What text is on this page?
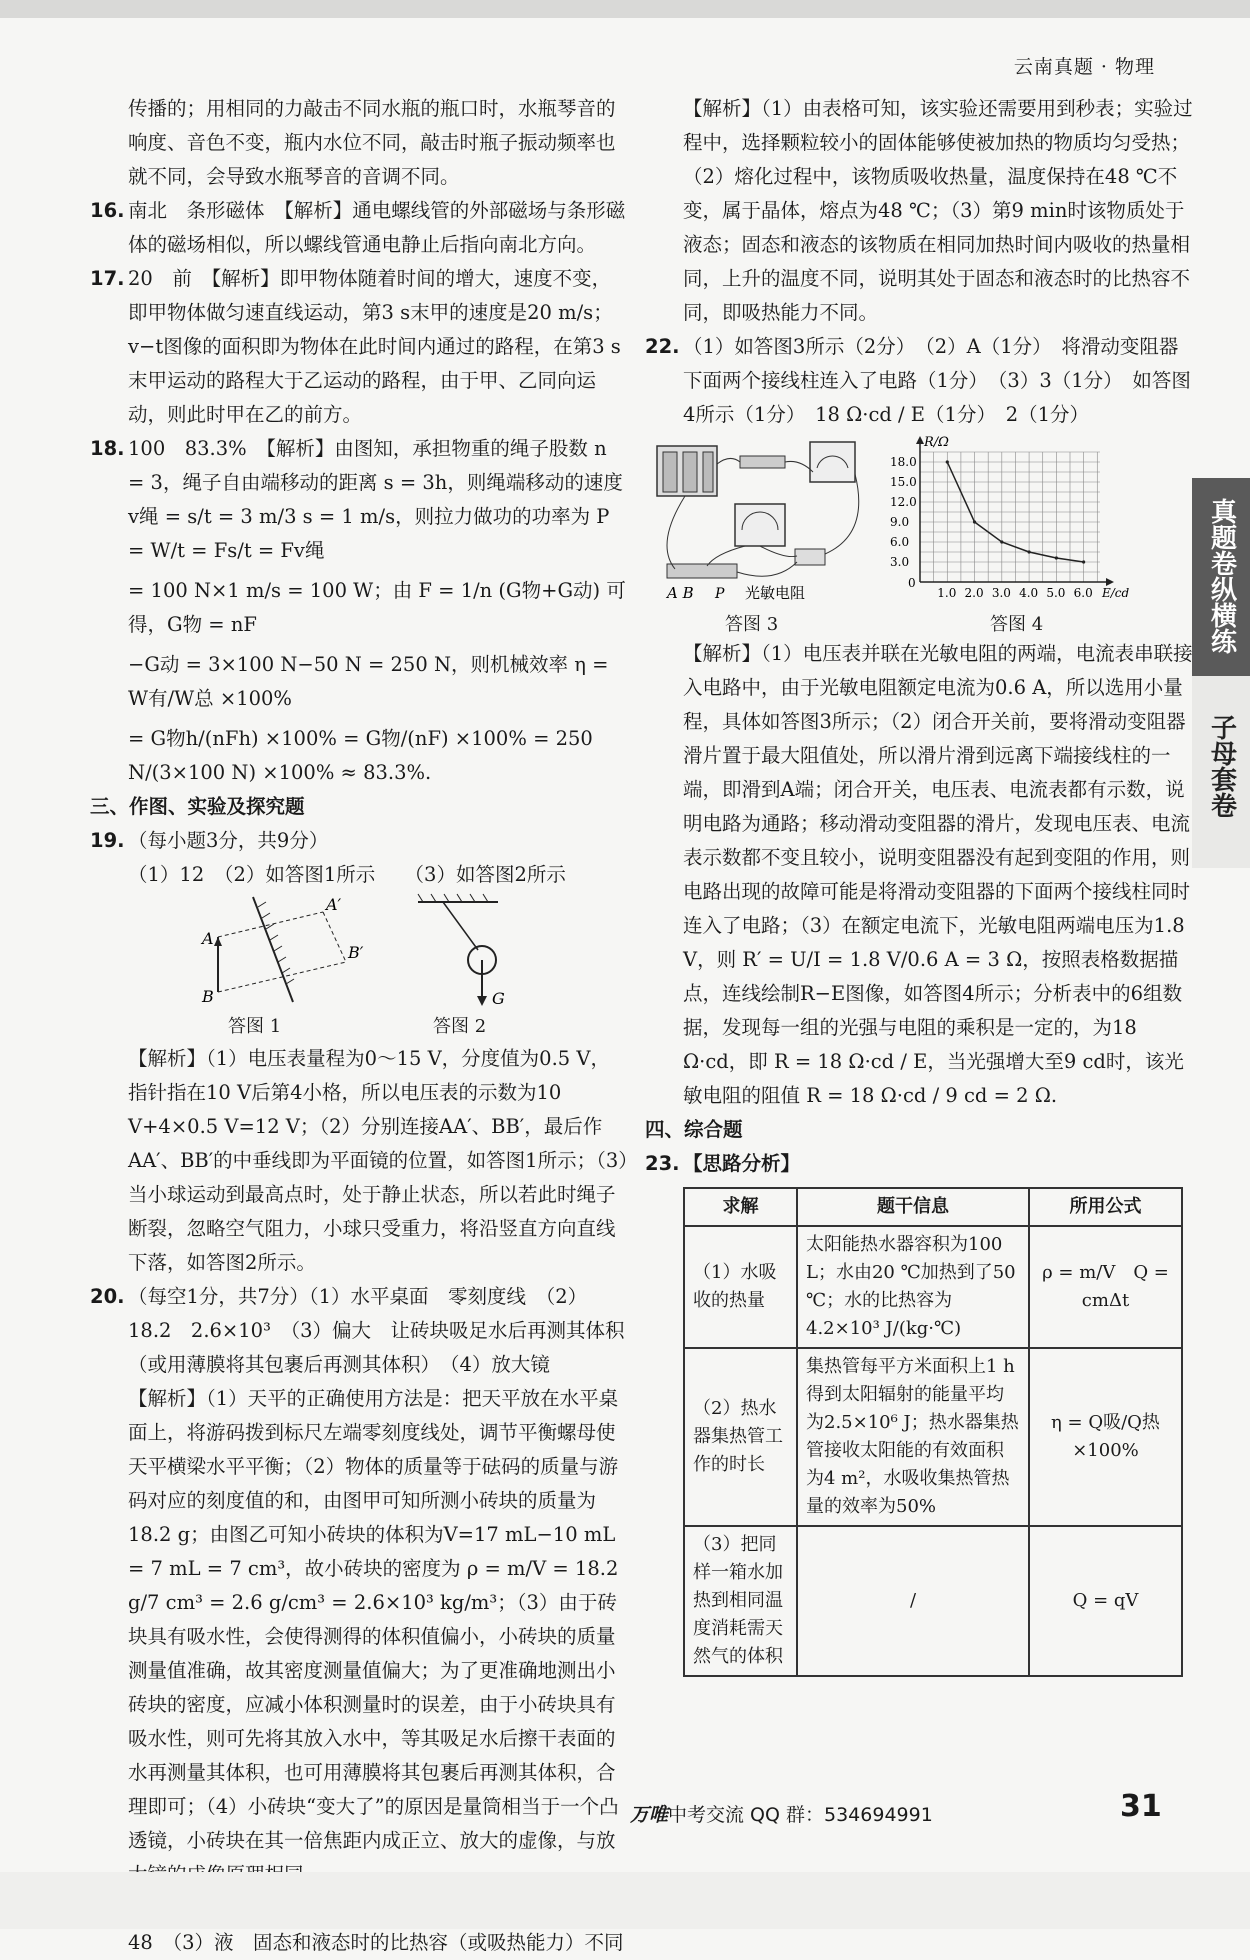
云南真题 · 物理
真题卷纵横练
子母套卷

传播的；用相同的力敲击不同水瓶的瓶口时，水瓶琴音的响度、音色不变，瓶内水位不同，敲击时瓶子振动频率也就不同，会导致水瓶琴音的音调不同。

16. 南北　条形磁体　【解析】通电螺线管的外部磁场与条形磁体的磁场相似，所以螺线管通电静止后指向南北方向。

17. 20　前　【解析】即甲物体随着时间的增大，速度不变，即甲物体做匀速直线运动，第3 s末甲的速度是20 m/s；v−t图像的面积即为物体在此时间内通过的路程，在第3 s末甲运动的路程大于乙运动的路程，由于甲、乙同向运动，则此时甲在乙的前方。

18. 100　83.3%　【解析】由图知，承担物重的绳子股数 n = 3，绳子自由端移动的距离 s = 3h，则绳端移动的速度 v绳 = s/t = 3 m/3 s = 1 m/s，则拉力做功的功率为 P = W/t = Fs/t = Fv绳

= 100 N×1 m/s = 100 W；由 F = 1/n (G物+G动) 可得，G物 = nF

−G动 = 3×100 N−50 N = 250 N，则机械效率 η = W有/W总 ×100%

= G物h/(nFh) ×100% = G物/(nF) ×100% = 250 N/(3×100 N) ×100% ≈ 83.3%.

三、作图、实验及探究题

19. （每小题3分，共9分）

（1）12　（2）如答图1所示　　（3）如答图2所示

A
B
A′
B′
答图 1
G
答图 2

【解析】（1）电压表量程为0～15 V，分度值为0.5 V，指针指在10 V后第4小格，所以电压表的示数为10 V+4×0.5 V=12 V；（2）分别连接AA′、BB′，最后作AA′、BB′的中垂线即为平面镜的位置，如答图1所示；（3）当小球运动到最高点时，处于静止状态，所以若此时绳子断裂，忽略空气阻力，小球只受重力，将沿竖直方向直线下落，如答图2所示。

20. （每空1分，共7分）（1）水平桌面　零刻度线　（2）18.2　2.6×10³　（3）偏大　让砖块吸足水后再测其体积（或用薄膜将其包裹后再测其体积）　（4）放大镜

【解析】（1）天平的正确使用方法是：把天平放在水平桌面上，将游码拨到标尺左端零刻度线处，调节平衡螺母使天平横梁水平平衡；（2）物体的质量等于砝码的质量与游码对应的刻度值的和，由图甲可知所测小砖块的质量为18.2 g；由图乙可知小砖块的体积为V=17 mL−10 mL = 7 mL = 7 cm³，故小砖块的密度为 ρ = m/V = 18.2 g/7 cm³ = 2.6 g/cm³ = 2.6×10³ kg/m³；（3）由于砖块具有吸水性，会使得测得的体积值偏小，小砖块的质量测量值准确，故其密度测量值偏大；为了更准确地测出小砖块的密度，应减小体积测量时的误差，由于小砖块具有吸水性，则可先将其放入水中，等其吸足水后擦干表面的水再测量其体积，也可用薄膜将其包裹后再测其体积，合理即可；（4）小砖块“变大了”的原因是量筒相当于一个凸透镜，小砖块在其一倍焦距内成正立、放大的虚像，与放

　　　　48　（3）液　固态和液态时的比热容（或吸热能力）不同

【解析】（1）由表格可知，该实验还需要用到秒表；实验过程中，选择颗粒较小的固体能够使被加热的物质均匀受热；（2）熔化过程中，该物质吸收热量，温度保持在48 ℃不变，属于晶体，熔点为48 ℃；（3）第9 min时该物质处于液态；固态和液态的该物质在相同加热时间内吸收的热量相同，上升的温度不同，说明其处于固态和液态时的比热容不同，即吸热能力不同。

22. （1）如答图3所示（2分）　（2）A（1分）　将滑动变阻器下面两个接线柱连入了电路（1分）　（3）3（1分）　如答图4所示（1分）　18 Ω·cd / E（1分）　2（1分）

A B P 光敏电阻
答图 3
1.0 2.0 3.0 4.0 5.0 6.0
3.0
6.0
9.0
12.0
15.0
18.0
0
E/cd
R/Ω
答图 4

【解析】（1）电压表并联在光敏电阻的两端，电流表串联接入电路中，由于光敏电阻额定电流为0.6 A，所以选用小量程，具体如答图3所示；（2）闭合开关前，要将滑动变阻器滑片置于最大阻值处，所以滑片滑到远离下端接线柱的一端，即滑到A端；闭合开关，电压表、电流表都有示数，说明电路为通路；移动滑动变阻器的滑片，发现电压表、电流表示数都不变且较小，说明变阻器没有起到变阻的作用，则电路出现的故障可能是将滑动变阻器的下面两个接线柱同时连入了电路；（3）在额定电流下，光敏电阻两端电压为1.8 V，则 R′ = U/I = 1.8 V/0.6 A = 3 Ω，按照表格数据描点，连线绘制R−E图像，如答图4所示；分析表中的6组数据，发现每一组的光强与电阻的乘积是一定的，为18 Ω·cd，即 R = 18 Ω·cd / E，当光强增大至9 cd时，该光敏电阻的阻值 R = 18 Ω·cd / 9 cd = 2 Ω.

四、综合题

23. 【思路分析】

求解	题干信息	所用公式
（1）水吸收的热量	太阳能热水器容积为100 L；水由20 ℃加热到了50 ℃；水的比热容为4.2×10³ J/(kg·℃)	ρ = m/V　Q = cmΔt
（2）热水器集热管工作的时长	集热管每平方米面积上1 h得到太阳辐射的能量平均为2.5×10⁶ J；热水器集热管接收太阳能的有效面积为4 m²，水吸收集热管热量的效率为50%	η = Q吸/Q热 ×100%
（3）把同样一箱水加热到相同温度消耗需天然气的体积	/	Q = qV
万唯中考交流 QQ 群：534694991	31
